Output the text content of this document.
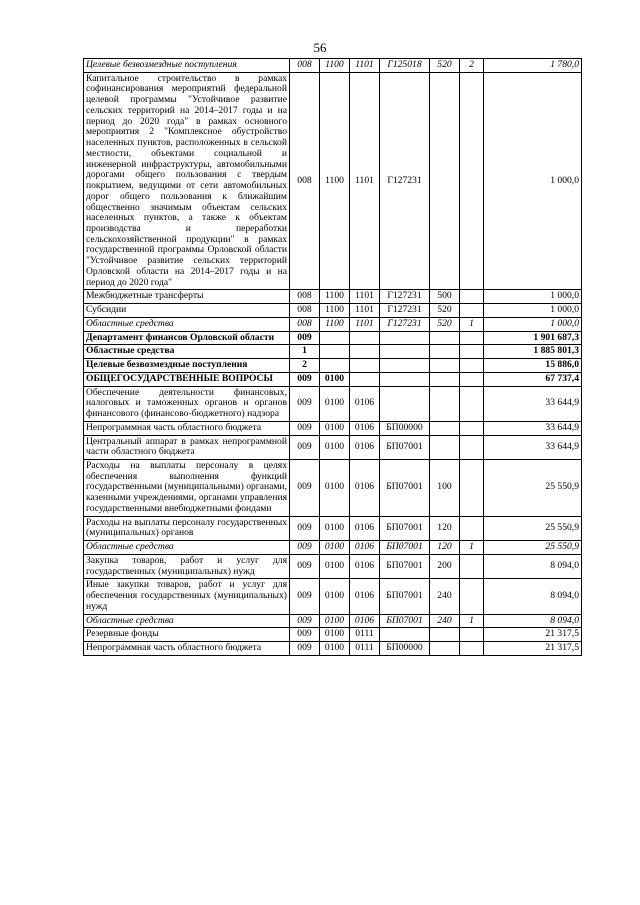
56
Целевые безвозмездные поступления	008	1100	1101	Г125018	520	2	1 780,0
Капитальное строительство в рамках софинансирования мероприятий федеральной целевой программы "Устойчивое развитие сельских территорий на 2014–2017 годы и на период до 2020 года" в рамках основного мероприятия 2 "Комплексное обустройство населенных пунктов, расположенных в сельской местности, объектами социальной и инженерной инфраструктуры, автомобильными дорогами общего пользования с твердым покрытием, ведущими от сети автомобильных дорог общего пользования к ближайшим общественно значимым объектам сельских населенных пунктов, а также к объектам производства и переработки сельскохозяйственной продукции" в рамках государственной программы Орловской области "Устойчивое развитие сельских территорий Орловской области на 2014–2017 годы и на период до 2020 года"	008	1100	1101	Г127231			1 000,0
Межбюджетные трансферты	008	1100	1101	Г127231	500		1 000,0
Субсидии	008	1100	1101	Г127231	520		1 000,0
Областные средства	008	1100	1101	Г127231	520	1	1 000,0
Департамент финансов Орловской области	009						1 901 687,3
Областные средства	1						1 885 801,3
Целевые безвозмездные поступления	2						15 886,0
ОБЩЕГОСУДАРСТВЕННЫЕ ВОПРОСЫ	009	0100					67 737,4
Обеспечение деятельности финансовых, налоговых и таможенных органов и органов финансового (финансово-бюджетного) надзора	009	0100	0106				33 644,9
Непрограммная часть областного бюджета	009	0100	0106	БП00000			33 644,9
Центральный аппарат в рамках непрограммной части областного бюджета	009	0100	0106	БП07001			33 644,9
Расходы на выплаты персоналу в целях обеспечения выполнения функций государственными (муниципальными) органами, казенными учреждениями, органами управления государственными внебюджетными фондами	009	0100	0106	БП07001	100		25 550,9
Расходы на выплаты персоналу государственных (муниципальных) органов	009	0100	0106	БП07001	120		25 550,9
Областные средства	009	0100	0106	БП07001	120	1	25 550,9
Закупка товаров, работ и услуг для государственных (муниципальных) нужд	009	0100	0106	БП07001	200		8 094,0
Иные закупки товаров, работ и услуг для обеспечения государственных (муниципальных) нужд	009	0100	0106	БП07001	240		8 094,0
Областные средства	009	0100	0106	БП07001	240	1	8 094,0
Резервные фонды	009	0100	0111				21 317,5
Непрограммная часть областного бюджета	009	0100	0111	БП00000			21 317,5
